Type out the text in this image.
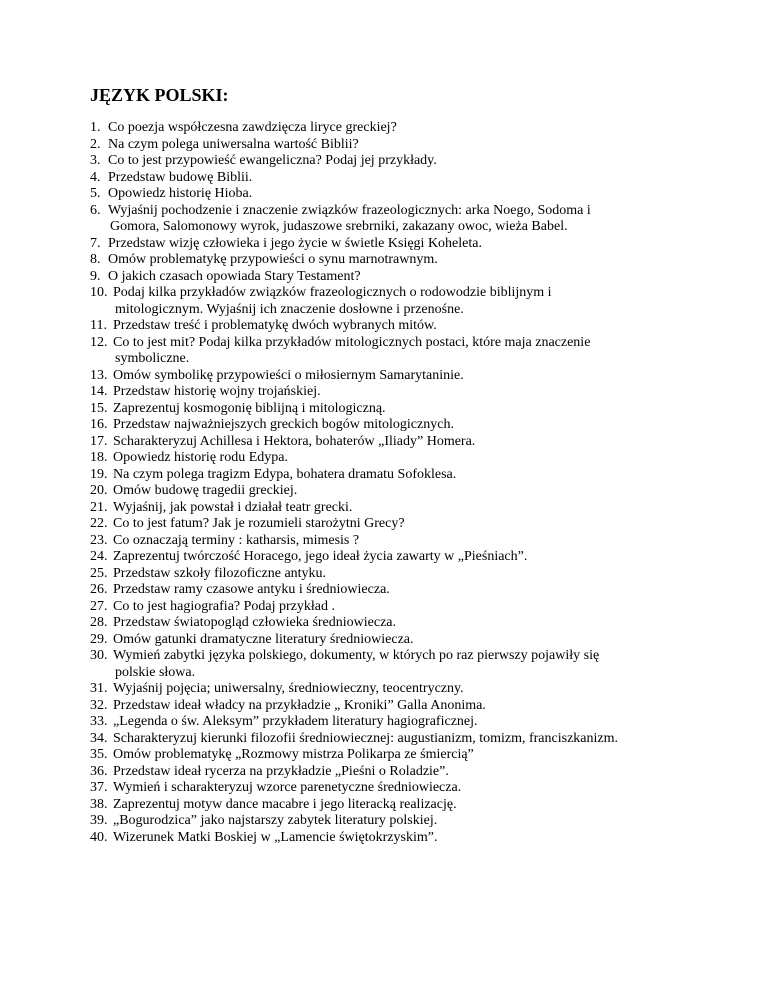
JĘZYK POLSKI:
1. Co poezja współczesna zawdzięcza liryce greckiej?
2. Na czym polega uniwersalna wartość Biblii?
3. Co to jest przypowieść ewangeliczna? Podaj jej przykłady.
4. Przedstaw budowę Biblii.
5. Opowiedz historię Hioba.
6. Wyjaśnij pochodzenie i znaczenie związków frazeologicznych: arka Noego, Sodoma i
Gomora, Salomonowy wyrok, judaszowe srebrniki, zakazany owoc, wieża Babel.
7. Przedstaw wizję człowieka i jego życie w świetle Księgi Koheleta.
8. Omów problematykę przypowieści o synu marnotrawnym.
9. O jakich czasach opowiada Stary Testament?
10. Podaj kilka przykładów związków frazeologicznych o rodowodzie biblijnym i
mitologicznym. Wyjaśnij ich znaczenie dosłowne i przenośne.
11. Przedstaw treść i problematykę dwóch wybranych mitów.
12. Co to jest mit? Podaj kilka przykładów mitologicznych postaci, które maja znaczenie
symboliczne.
13. Omów symbolikę przypowieści o miłosiernym Samarytaninie.
14. Przedstaw historię wojny trojańskiej.
15. Zaprezentuj kosmogonię biblijną i mitologiczną.
16. Przedstaw najważniejszych greckich bogów mitologicznych.
17. Scharakteryzuj Achillesa i Hektora, bohaterów „Iliady” Homera.
18. Opowiedz historię rodu Edypa.
19. Na czym polega tragizm Edypa, bohatera dramatu Sofoklesa.
20. Omów budowę tragedii greckiej.
21. Wyjaśnij, jak powstał i działał teatr grecki.
22. Co to jest fatum? Jak je rozumieli starożytni Grecy?
23. Co oznaczają terminy : katharsis, mimesis ?
24. Zaprezentuj twórczość Horacego, jego ideał życia zawarty w „Pieśniach”.
25. Przedstaw szkoły filozoficzne antyku.
26. Przedstaw ramy czasowe antyku i średniowiecza.
27. Co to jest hagiografia? Podaj przykład .
28. Przedstaw światopogląd człowieka średniowiecza.
29. Omów gatunki dramatyczne literatury średniowiecza.
30. Wymień zabytki języka polskiego, dokumenty, w których po raz pierwszy pojawiły się
polskie słowa.
31. Wyjaśnij pojęcia; uniwersalny, średniowieczny, teocentryczny.
32. Przedstaw ideał władcy na przykładzie „ Kroniki” Galla Anonima.
33. „Legenda o św. Aleksym” przykładem literatury hagiograficznej.
34. Scharakteryzuj kierunki filozofii średniowiecznej: augustianizm, tomizm, franciszkanizm.
35. Omów problematykę „Rozmowy mistrza Polikarpa ze śmiercią”
36. Przedstaw ideał rycerza na przykładzie „Pieśni o Roladzie”.
37. Wymień i scharakteryzuj wzorce parenetyczne średniowiecza.
38. Zaprezentuj motyw dance macabre i jego literacką realizację.
39. „Bogurodzica” jako najstarszy zabytek literatury polskiej.
40. Wizerunek Matki Boskiej w „Lamencie świętokrzyskim”.
